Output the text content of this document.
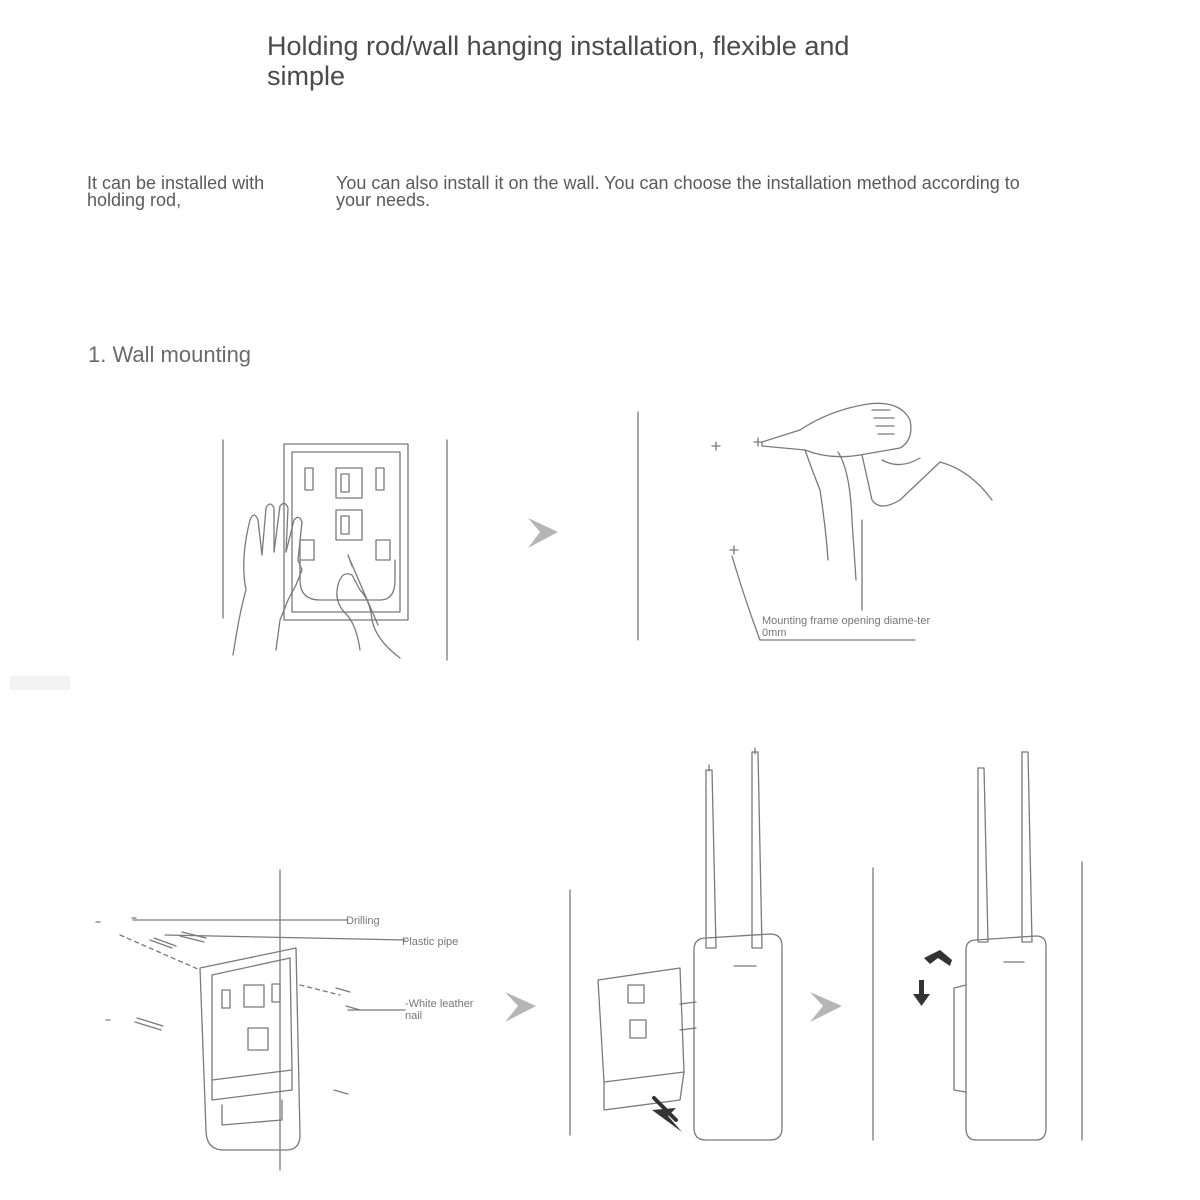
Holding rod/wall hanging installation, flexible and simple
It can be installed with holding rod,
You can also install it on the wall. You can choose the installation method according to your needs.
1. Wall mounting
Mounting frame opening diame-ter 0mm
Drilling
Plastic pipe
-White leather nail
